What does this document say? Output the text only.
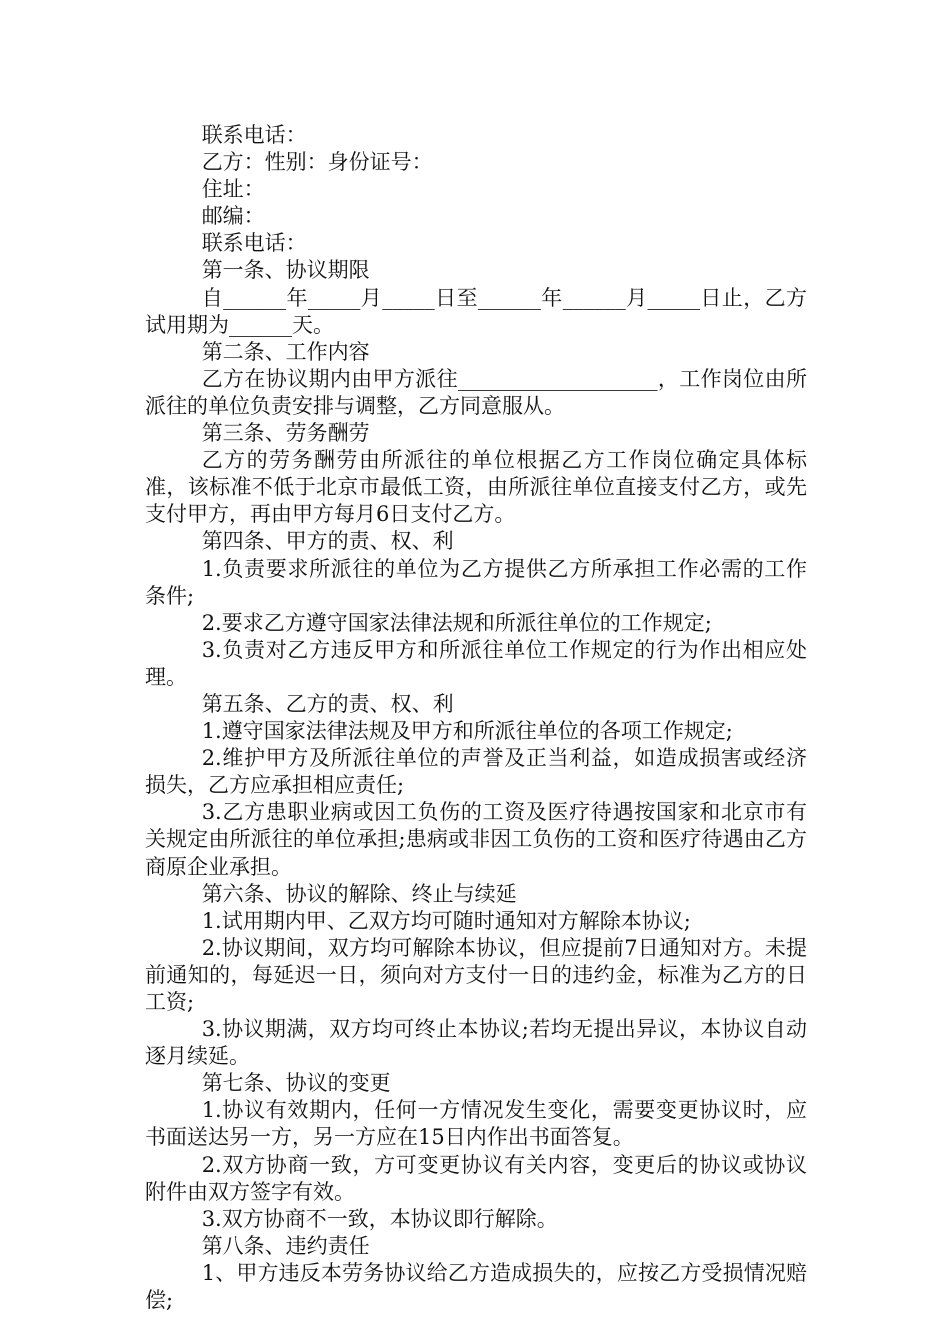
联系电话：

乙方：性别：身份证号：

住址：

邮编：

联系电话：

第一条、协议期限

自______年_____月_____日至______年______月_____日止，乙方试用期为______天。

第二条、工作内容

乙方在协议期内由甲方派往___________________，工作岗位由所派往的单位负责安排与调整，乙方同意服从。

第三条、劳务酬劳

乙方的劳务酬劳由所派往的单位根据乙方工作岗位确定具体标准，该标准不低于北京市最低工资，由所派往单位直接支付乙方，或先支付甲方，再由甲方每月6日支付乙方。

第四条、甲方的责、权、利

1.负责要求所派往的单位为乙方提供乙方所承担工作必需的工作条件;

2.要求乙方遵守国家法律法规和所派往单位的工作规定;

3.负责对乙方违反甲方和所派往单位工作规定的行为作出相应处理。

第五条、乙方的责、权、利

1.遵守国家法律法规及甲方和所派往单位的各项工作规定;

2.维护甲方及所派往单位的声誉及正当利益，如造成损害或经济损失，乙方应承担相应责任;

3.乙方患职业病或因工负伤的工资及医疗待遇按国家和北京市有关规定由所派往的单位承担;患病或非因工负伤的工资和医疗待遇由乙方商原企业承担。

第六条、协议的解除、终止与续延

1.试用期内甲、乙双方均可随时通知对方解除本协议;

2.协议期间，双方均可解除本协议，但应提前7日通知对方。未提前通知的，每延迟一日，须向对方支付一日的违约金，标准为乙方的日工资;

3.协议期满，双方均可终止本协议;若均无提出异议，本协议自动逐月续延。

第七条、协议的变更

1.协议有效期内，任何一方情况发生变化，需要变更协议时，应书面送达另一方，另一方应在15日内作出书面答复。

2.双方协商一致，方可变更协议有关内容，变更后的协议或协议附件由双方签字有效。

3.双方协商不一致，本协议即行解除。

第八条、违约责任

1、甲方违反本劳务协议给乙方造成损失的，应按乙方受损情况赔偿;
